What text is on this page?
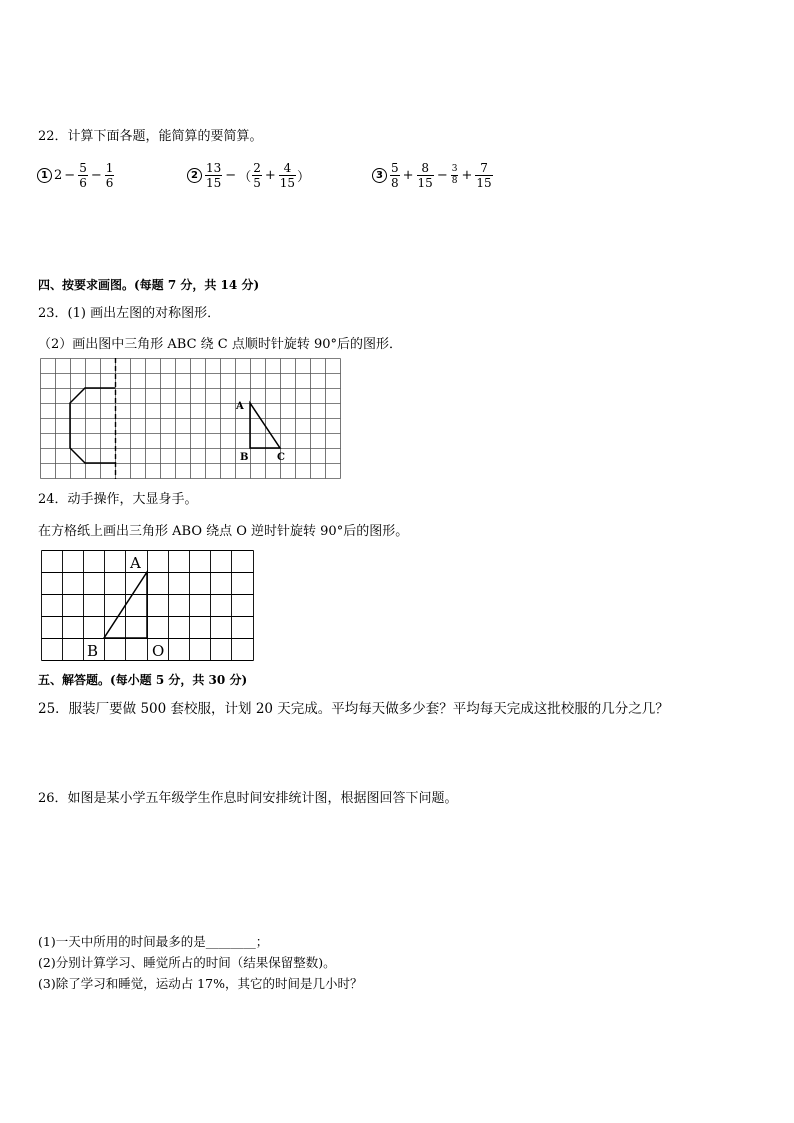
22．计算下面各题，能简算的要简算。
1 $2 - \frac{5}{6} - \frac{1}{6}$	$2 \frac{13}{15}$ − （ $\frac{2}{5} + \frac{4}{15}$ ）	$3 \frac{5}{8} + \frac{8}{15} - \frac{3}{8} + \frac{7}{15}$
四、按要求画图。(每题 7 分，共 14 分)
23．(1) 画出左图的对称图形．
（2）画出图中三角形 ABC 绕 C 点顺时针旋转 90°后的图形．
A
B	C
24．动手操作，大显身手。
在方格纸上画出三角形 ABO 绕点 O 逆时针旋转 90°后的图形。
A
B	O
五、解答题。(每小题 5 分，共 30 分)
25．服装厂要做 500 套校服，计划 20 天完成。平均每天做多少套？平均每天完成这批校服的几分之几？
26．如图是某小学五年级学生作息时间安排统计图，根据图回答下问题。
(1)一天中所用的时间最多的是________；
(2)分别计算学习、睡觉所占的时间（结果保留整数)。
(3)除了学习和睡觉，运动占 17%，其它的时间是几小时？
